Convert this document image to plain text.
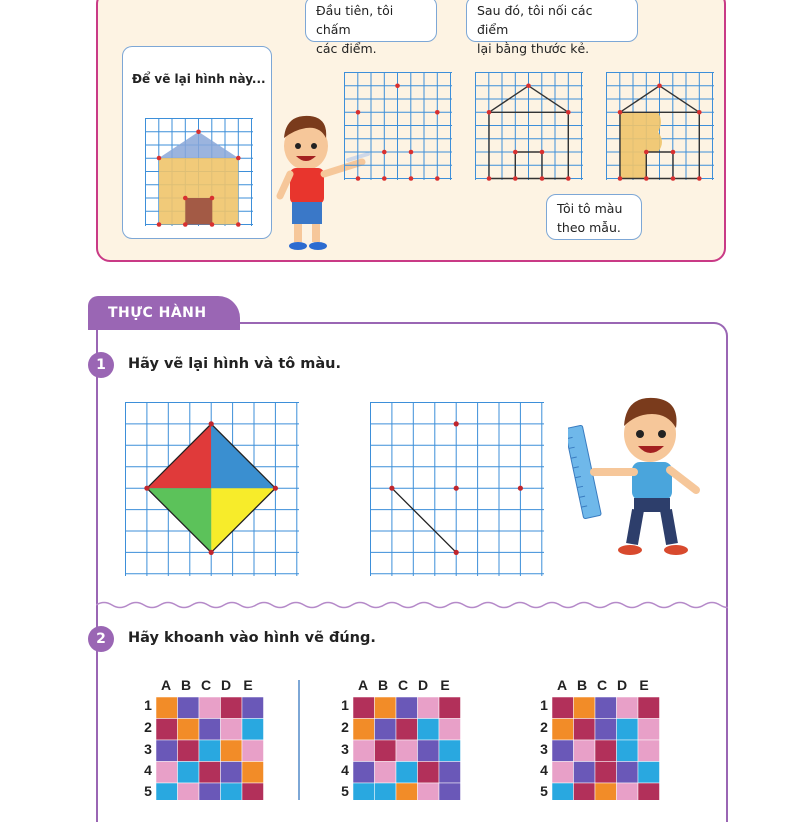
Để vẽ lại hình này...
Đầu tiên, tôi chấm
các điểm.
Sau đó, tôi nối các điểm
lại bằng thước kẻ.
Tôi tô màu
theo mẫu.
THỰC HÀNH
1	Hãy vẽ lại hình và tô màu.
2	Hãy khoanh vào hình vẽ đúng.
A B C D E
1
2
3
4
5
A B C D E
1
2
3
4
5
A B C D E
1
2
3
4
5
